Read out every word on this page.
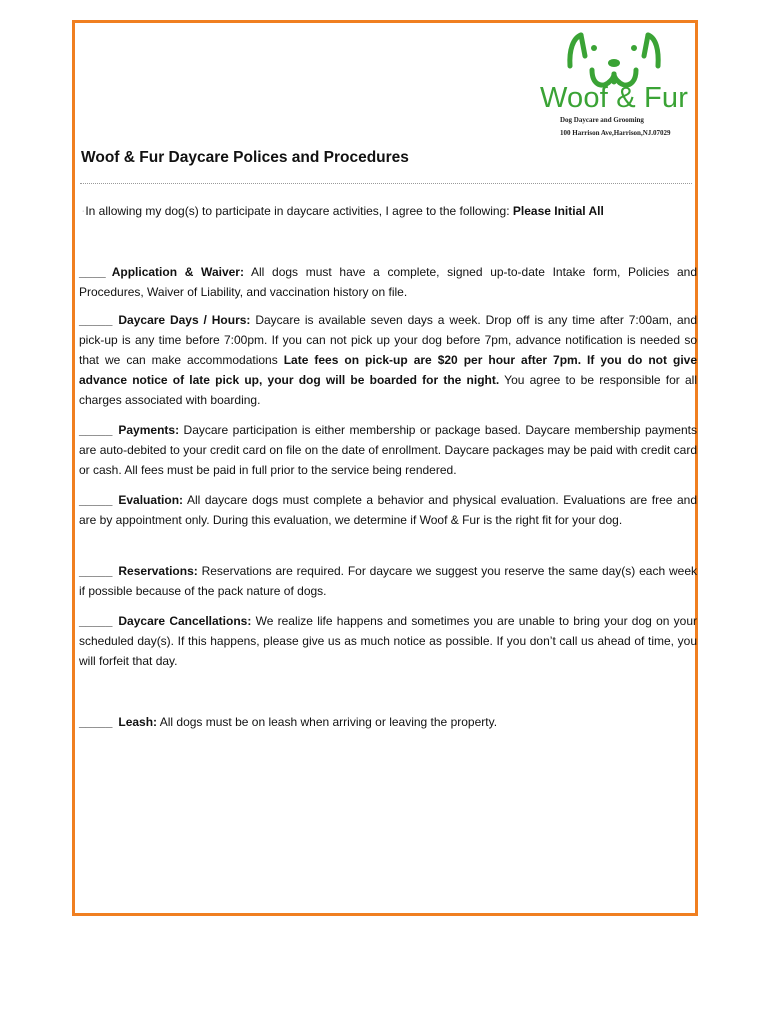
Woof & Fur
Dog Daycare and Grooming
100 Harrison Ave,Harrison,NJ.07029
Woof & Fur Daycare Polices and Procedures
·In allowing my dog(s) to participate in daycare activities, I agree to the following: Please Initial All

____ Application & Waiver: All dogs must have a complete, signed up-to-date Intake form, Policies and Procedures, Waiver of Liability, and vaccination history on file.

_____ Daycare Days / Hours: Daycare is available seven days a week. Drop off is any time after 7:00am, and pick-up is any time before 7:00pm. If you can not pick up your dog before 7pm, advance notification is needed so that we can make accommodations Late fees on pick-up are $20 per hour after 7pm. If you do not give advance notice of late pick up, your dog will be boarded for the night. You agree to be responsible for all charges associated with boarding.

_____ Payments: Daycare participation is either membership or package based. Daycare membership payments are auto-debited to your credit card on file on the date of enrollment. Daycare packages may be paid with credit card or cash. All fees must be paid in full prior to the service being rendered.

_____ Evaluation: All daycare dogs must complete a behavior and physical evaluation. Evaluations are free and are by appointment only. During this evaluation, we determine if Woof & Fur is the right fit for your dog.

_____ Reservations: Reservations are required. For daycare we suggest you reserve the same day(s) each week if possible because of the pack nature of dogs.

_____ Daycare Cancellations: We realize life happens and sometimes you are unable to bring your dog on your scheduled day(s). If this happens, please give us as much notice as possible. If you don’t call us ahead of time, you will forfeit that day.

_____ Leash: All dogs must be on leash when arriving or leaving the property.
